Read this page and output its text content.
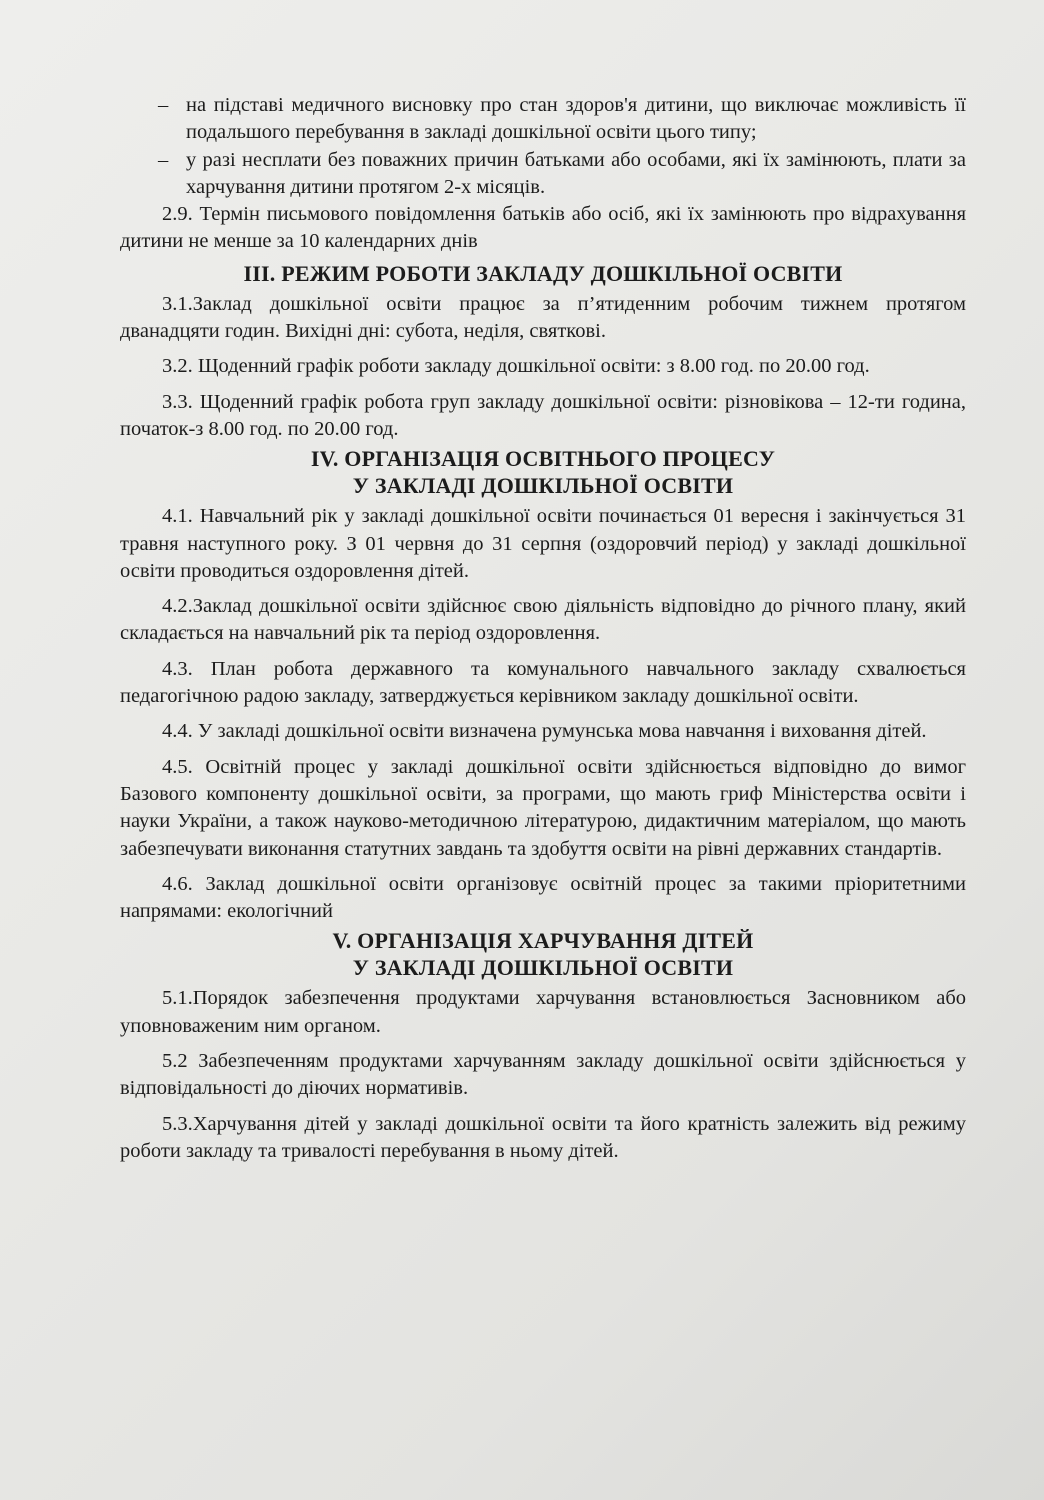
– на підставі медичного висновку про стан здоров'я дитини, що виключає можливість її подальшого перебування в закладі дошкільної освіти цього типу;

– у разі несплати без поважних причин батьками або особами, які їх замінюють, плати за харчування дитини протягом 2-х місяців.

2.9. Термін письмового повідомлення батьків або осіб, які їх замінюють про відрахування дитини не менше за 10 календарних днів

ІІІ. РЕЖИМ РОБОТИ ЗАКЛАДУ ДОШКІЛЬНОЇ ОСВІТИ

3.1.Заклад дошкільної освіти працює за п’ятиденним робочим тижнем протягом дванадцяти годин. Вихідні дні: субота, неділя, святкові.

3.2. Щоденний графік роботи закладу дошкільної освіти: з 8.00 год. по 20.00 год.

3.3. Щоденний графік робота груп закладу дошкільної освіти: різновікова – 12-ти година, початок-з 8.00 год. по 20.00 год.

IV. ОРГАНІЗАЦІЯ ОСВІТНЬОГО ПРОЦЕСУ
У ЗАКЛАДІ ДОШКІЛЬНОЇ ОСВІТИ

4.1. Навчальний рік у закладі дошкільної освіти починається 01 вересня і закінчується 31 травня наступного року. З 01 червня до 31 серпня (оздоровчий період) у закладі дошкільної освіти проводиться оздоровлення дітей.

4.2.Заклад дошкільної освіти здійснює свою діяльність відповідно до річного плану, який складається на навчальний рік та період оздоровлення.

4.3. План робота державного та комунального навчального закладу схвалюється педагогічною радою закладу, затверджується керівником закладу дошкільної освіти.

4.4. У закладі дошкільної освіти визначена румунська мова навчання і виховання дітей.

4.5. Освітній процес у закладі дошкільної освіти здійснюється відповідно до вимог Базового компоненту дошкільної освіти, за програми, що мають гриф Міністерства освіти і науки України, а також науково-методичною літературою, дидактичним матеріалом, що мають забезпечувати виконання статутних завдань та здобуття освіти на рівні державних стандартів.

4.6. Заклад дошкільної освіти організовує освітній процес за такими пріоритетними напрямами: екологічний

V. ОРГАНІЗАЦІЯ ХАРЧУВАННЯ ДІТЕЙ
У ЗАКЛАДІ ДОШКІЛЬНОЇ ОСВІТИ

5.1.Порядок забезпечення продуктами харчування встановлюється Засновником або уповноваженим ним органом.

5.2 Забезпеченням продуктами харчуванням закладу дошкільної освіти здійснюється у відповідальності до діючих нормативів.

5.3.Харчування дітей у закладі дошкільної освіти та його кратність залежить від режиму роботи закладу та тривалості перебування в ньому дітей.
